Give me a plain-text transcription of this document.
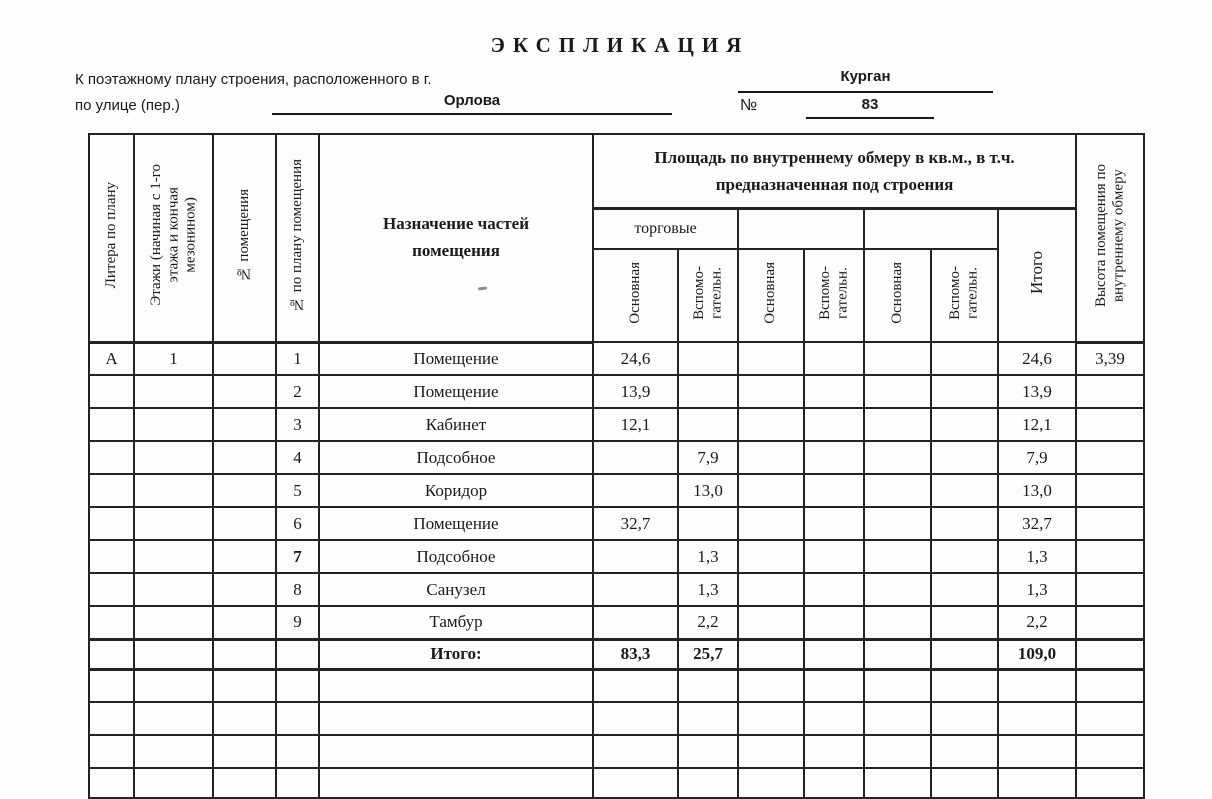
ЭКСПЛИКАЦИЯ
К поэтажному плану строения, расположенного в г.	Курган
по улице (пер.)	Орлова	№	83
Литера по плану	Этажи (начиная с 1-го этажа и кончая мезонином)	№ помещения	№ по плану помещения	Назначение частей
помещения	Площадь по внутреннему обмеру в кв.м., в т.ч.
предназначенная под строения							Высота помещения по внутреннему обмеру

					торговые						Итого	

					Основная	Вспомо- гательн.	Основная	Вспомо- гательн.	Основная	Вспомо- гательн.		

А	1		1	Помещение	24,6						24,6	3,39
			2	Помещение	13,9						13,9	
			3	Кабинет	12,1						12,1	
			4	Подсобное		7,9					7,9	
			5	Коридор		13,0					13,0	
			6	Помещение	32,7						32,7	
			7	Подсобное		1,3					1,3	
			8	Санузел		1,3					1,3	
			9	Тамбур		2,2					2,2	
				Итого:	83,3	25,7					109,0	
